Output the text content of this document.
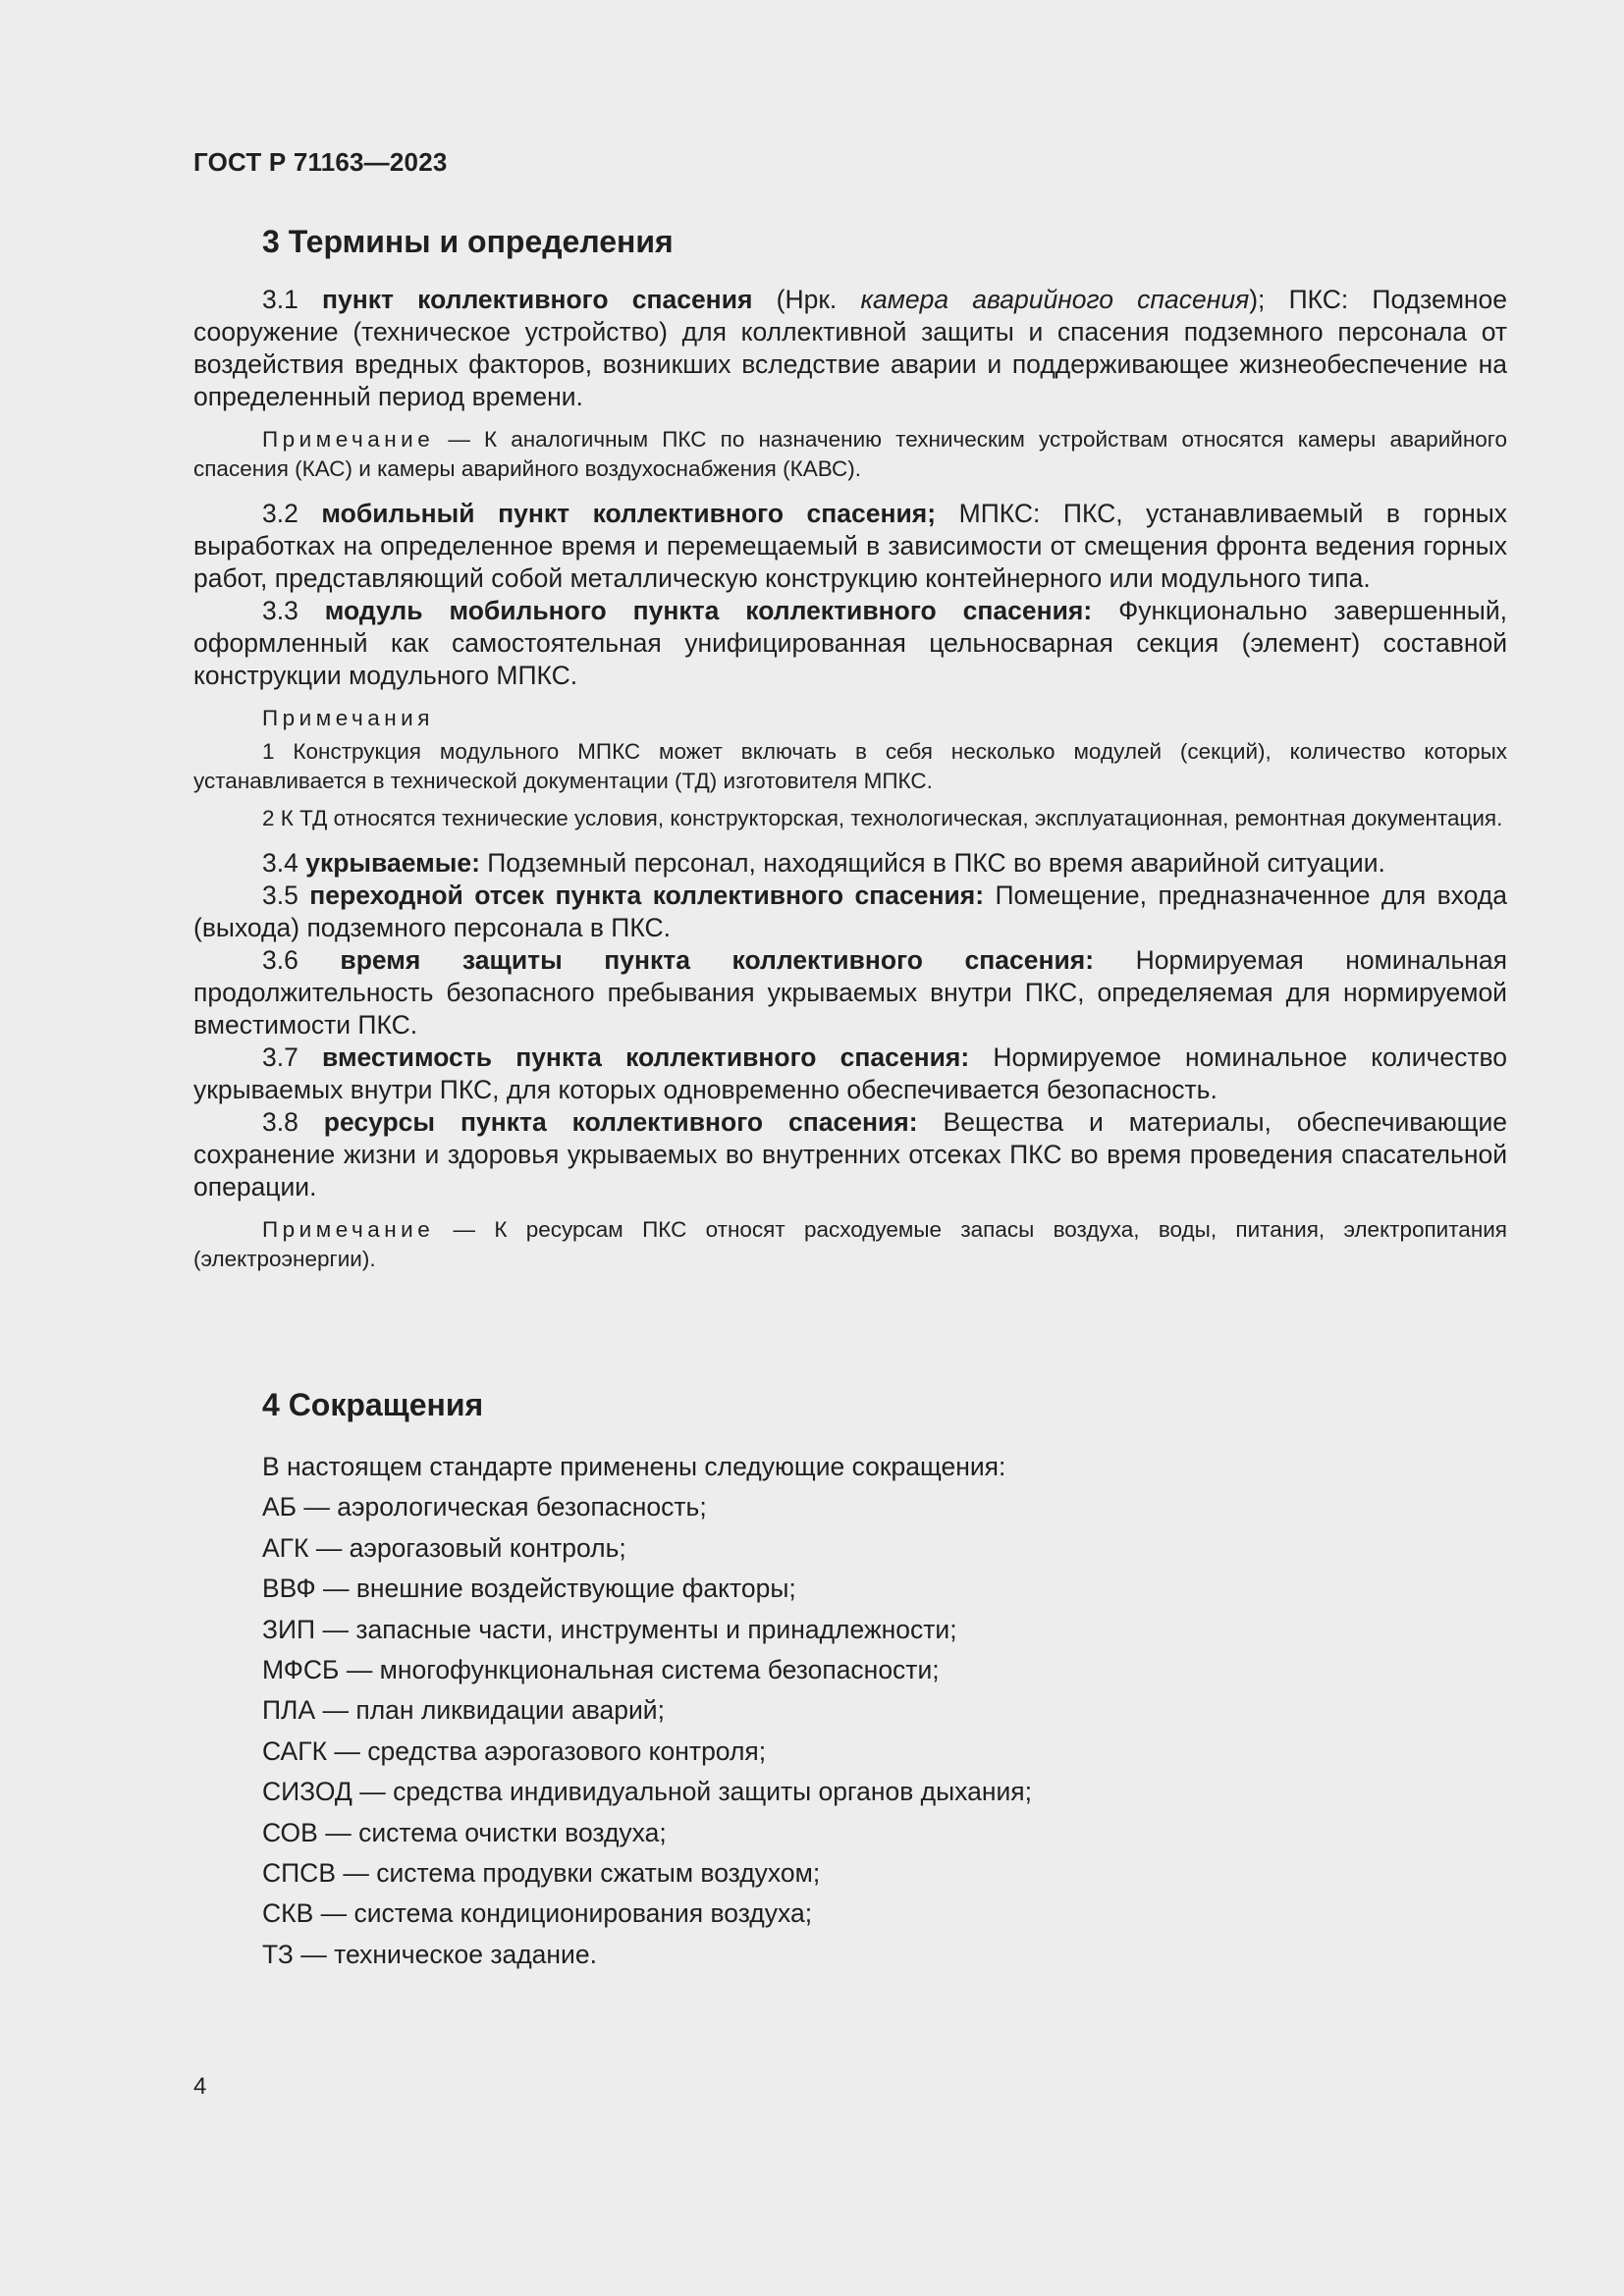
ГОСТ Р 71163—2023
3 Термины и определения

3.1 пункт коллективного спасения (Нрк. камера аварийного спасения); ПКС: Подземное сооружение (техническое устройство) для коллективной защиты и спасения подземного персонала от воздействия вредных факторов, возникших вследствие аварии и поддерживающее жизнеобеспечение на определенный период времени.

Примечание — К аналогичным ПКС по назначению техническим устройствам относятся камеры аварийного спасения (КАС) и камеры аварийного воздухоснабжения (КАВС).

3.2 мобильный пункт коллективного спасения; МПКС: ПКС, устанавливаемый в горных выработках на определенное время и перемещаемый в зависимости от смещения фронта ведения горных работ, представляющий собой металлическую конструкцию контейнерного или модульного типа.

3.3 модуль мобильного пункта коллективного спасения: Функционально завершенный, оформленный как самостоятельная унифицированная цельносварная секция (элемент) составной конструкции модульного МПКС.

Примечания

1 Конструкция модульного МПКС может включать в себя несколько модулей (секций), количество которых устанавливается в технической документации (ТД) изготовителя МПКС.

2 К ТД относятся технические условия, конструкторская, технологическая, эксплуатационная, ремонтная документация.

3.4 укрываемые: Подземный персонал, находящийся в ПКС во время аварийной ситуации.

3.5 переходной отсек пункта коллективного спасения: Помещение, предназначенное для входа (выхода) подземного персонала в ПКС.

3.6 время защиты пункта коллективного спасения: Нормируемая номинальная продолжительность безопасного пребывания укрываемых внутри ПКС, определяемая для нормируемой вместимости ПКС.

3.7 вместимость пункта коллективного спасения: Нормируемое номинальное количество укрываемых внутри ПКС, для которых одновременно обеспечивается безопасность.

3.8 ресурсы пункта коллективного спасения: Вещества и материалы, обеспечивающие сохранение жизни и здоровья укрываемых во внутренних отсеках ПКС во время проведения спасательной операции.

Примечание — К ресурсам ПКС относят расходуемые запасы воздуха, воды, питания, электропитания (электроэнергии).

4 Сокращения

В настоящем стандарте применены следующие сокращения:

АБ — аэрологическая безопасность;
АГК — аэрогазовый контроль;
ВВФ — внешние воздействующие факторы;
ЗИП — запасные части, инструменты и принадлежности;
МФСБ — многофункциональная система безопасности;
ПЛА — план ликвидации аварий;
САГК — средства аэрогазового контроля;
СИЗОД — средства индивидуальной защиты органов дыхания;
СОВ — система очистки воздуха;
СПСВ — система продувки сжатым воздухом;
СКВ — система кондиционирования воздуха;
ТЗ — техническое задание.
4
